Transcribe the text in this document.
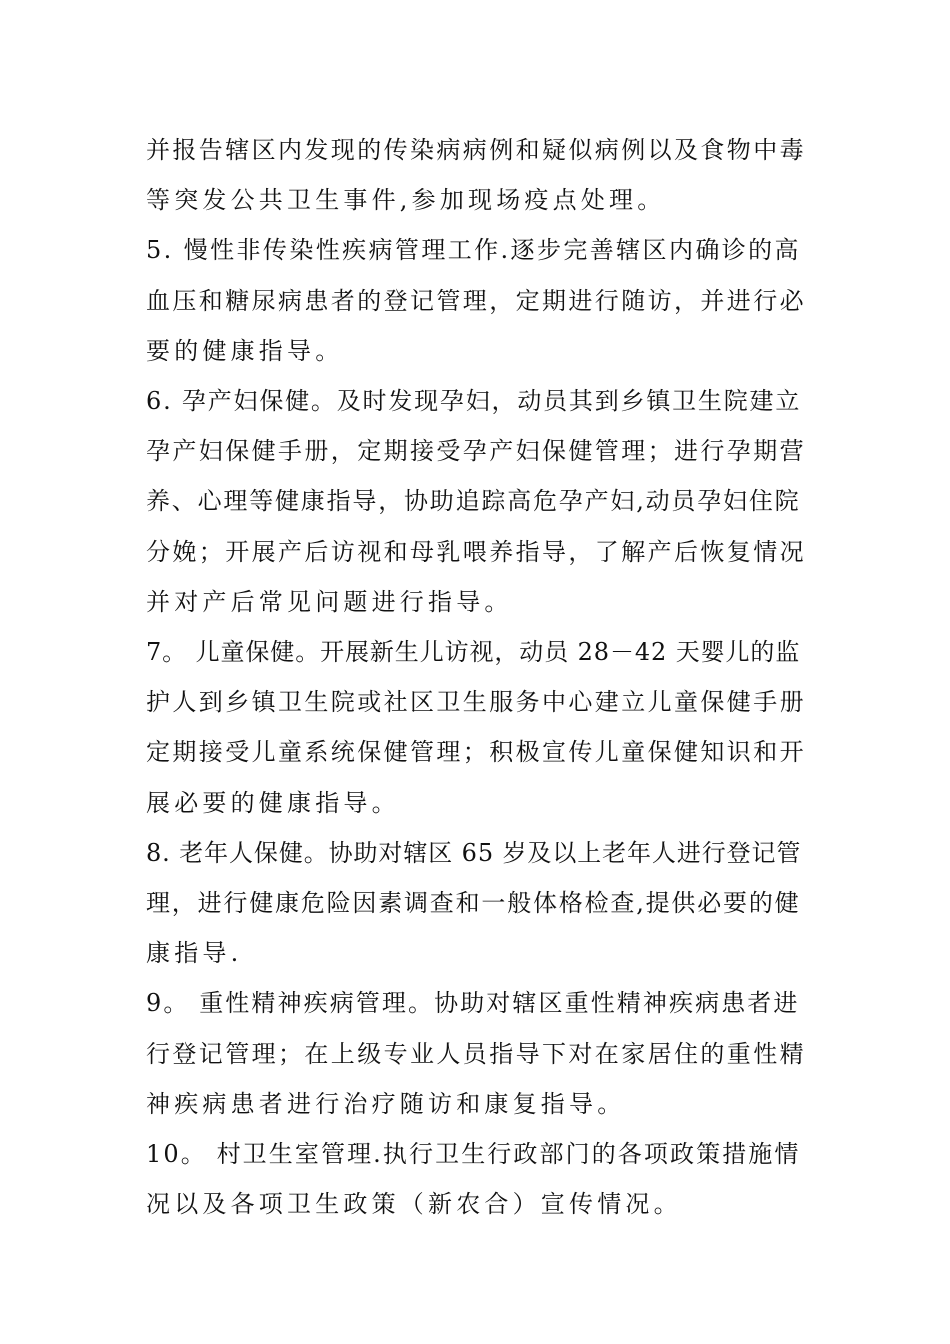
并报告辖区内发现的传染病病例和疑似病例以及食物中毒
等突发公共卫生事件,参加现场疫点处理。
5. 慢性非传染性疾病管理工作.逐步完善辖区内确诊的高
血压和糖尿病患者的登记管理，定期进行随访，并进行必
要的健康指导。
6. 孕产妇保健。及时发现孕妇，动员其到乡镇卫生院建立
孕产妇保健手册，定期接受孕产妇保健管理；进行孕期营
养、心理等健康指导，协助追踪高危孕产妇,动员孕妇住院
分娩；开展产后访视和母乳喂养指导，了解产后恢复情况
并对产后常见问题进行指导。
7。 儿童保健。开展新生儿访视，动员 28－42 天婴儿的监
护人到乡镇卫生院或社区卫生服务中心建立儿童保健手册
定期接受儿童系统保健管理；积极宣传儿童保健知识和开
展必要的健康指导。
8. 老年人保健。协助对辖区 65 岁及以上老年人进行登记管
理，进行健康危险因素调查和一般体格检查,提供必要的健
康指导.
9。 重性精神疾病管理。协助对辖区重性精神疾病患者进
行登记管理；在上级专业人员指导下对在家居住的重性精
神疾病患者进行治疗随访和康复指导。
10。 村卫生室管理.执行卫生行政部门的各项政策措施情
况以及各项卫生政策（新农合）宣传情况。
